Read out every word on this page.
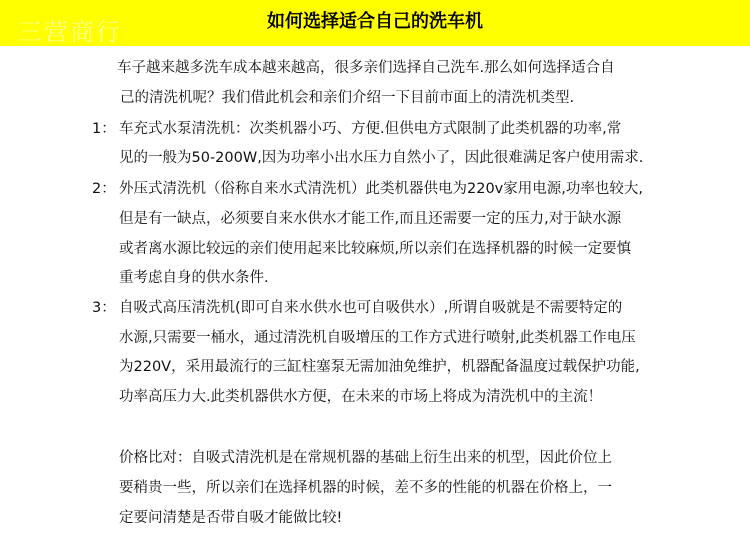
三营商行	如何选择适合自己的洗车机
车子越来越多洗车成本越来越高，很多亲们选择自己洗车.那么如何选择适合自
己的清洗机呢？我们借此机会和亲们介绍一下目前市面上的清洗机类型.
1： 车充式水泵清洗机：次类机器小巧、方便.但供电方式限制了此类机器的功率,常
见的一般为50-200W,因为功率小出水压力自然小了，因此很难满足客户使用需求.
2： 外压式清洗机（俗称自来水式清洗机）此类机器供电为220v家用电源,功率也较大,
但是有一缺点，必须要自来水供水才能工作,而且还需要一定的压力,对于缺水源
或者离水源比较远的亲们使用起来比较麻烦,所以亲们在选择机器的时候一定要慎
重考虑自身的供水条件.
3： 自吸式高压清洗机(即可自来水供水也可自吸供水）,所谓自吸就是不需要特定的
水源,只需要一桶水，通过清洗机自吸增压的工作方式进行喷射,此类机器工作电压
为220V，采用最流行的三缸柱塞泵无需加油免维护，机器配备温度过载保护功能,
功率高压力大.此类机器供水方便，在未来的市场上将成为清洗机中的主流！
价格比对：自吸式清洗机是在常规机器的基础上衍生出来的机型，因此价位上
要稍贵一些，所以亲们在选择机器的时候，差不多的性能的机器在价格上，一
定要问清楚是否带自吸才能做比较!
